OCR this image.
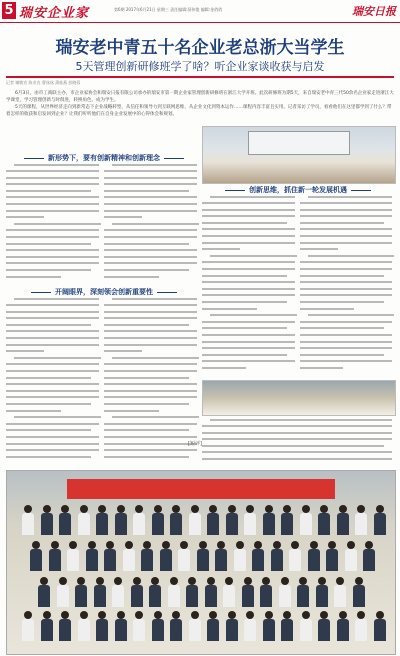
5 瑞安企业家	第6期 2017年6月21日 星期三 责任编辑:薛伟俊 编辑:金俏俏	瑞安日报
瑞安老中青五十名企业老总浙大当学生
5天管理创新研修班学了啥？听企业家谈收获与启发
记者 谢敏宣 陈业宣 曹丝丝 蒲桂燕 彭晓蓉

6月3日，由市工商联主办，市企业家协会和瑞安日报有限公司承办的瑞安市第一期企业家管理创新研修班在浙江大学开班。此次研修班为期5天，来自瑞安老中青三代50余名企业家走进浙江大学课堂，学习管理创新与时俱进，转换角色，成为学生。

5天的课程，从世界经济走向到新常态下企业战略转型，从信任和领导力到互联网思维，从企业文化到资本运作……课程内容丰富且实用。记者采访了学员，看看他们在这里都学到了什么？带着怎样的收获和启发回到企业？让我们听听他们在自身企业发展中的心得体会和规划。

新形势下，要有创新精神和创新理念
创新思维，抓住新一轮发展机遇
开阔眼界，深刻领会创新重要性
[短评]
